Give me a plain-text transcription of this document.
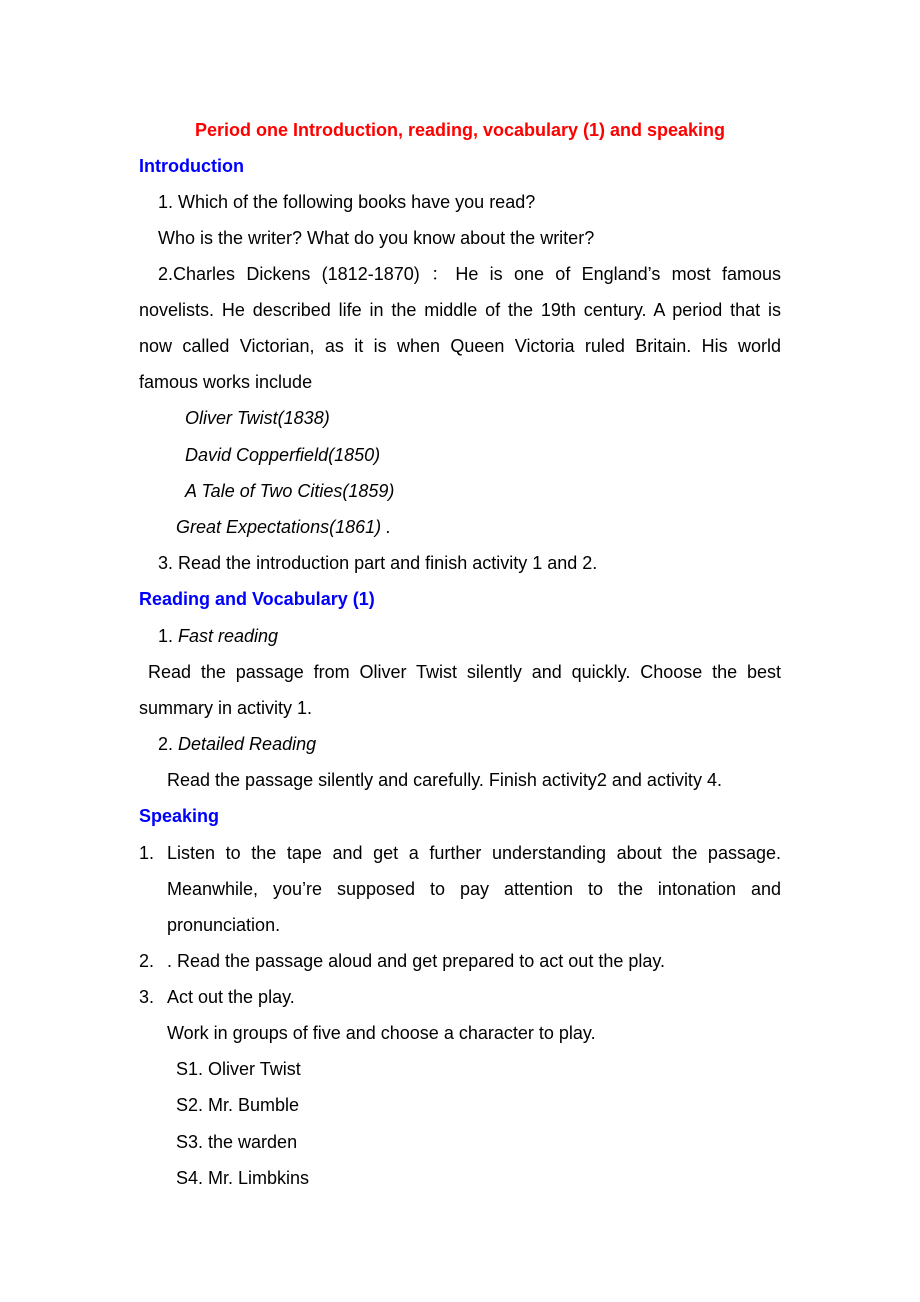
Period one Introduction, reading, vocabulary (1) and speaking
Introduction
1. Which of the following books have you read?
Who is the writer? What do you know about the writer?
2.Charles Dickens (1812-1870) ：He is one of England’s most famous
novelists. He described life in the middle of the 19th century. A period that is
now called Victorian, as it is when Queen Victoria ruled Britain. His world
famous works include
Oliver Twist(1838)
David Copperfield(1850)
A Tale of Two Cities(1859)
Great Expectations(1861) .
3. Read the introduction part and finish activity 1 and 2.
Reading and Vocabulary (1)
1. Fast reading
Read the passage from Oliver Twist silently and quickly. Choose the best
summary in activity 1.
2. Detailed Reading
Read the passage silently and carefully. Finish activity2 and activity 4.
Speaking
1. Listen to the tape and get a further understanding about the passage.
Meanwhile, you’re supposed to pay attention to the intonation and
pronunciation.
2. . Read the passage aloud and get prepared to act out the play.
3. Act out the play.
Work in groups of five and choose a character to play.
S1. Oliver Twist
S2. Mr. Bumble
S3. the warden
S4. Mr. Limbkins
